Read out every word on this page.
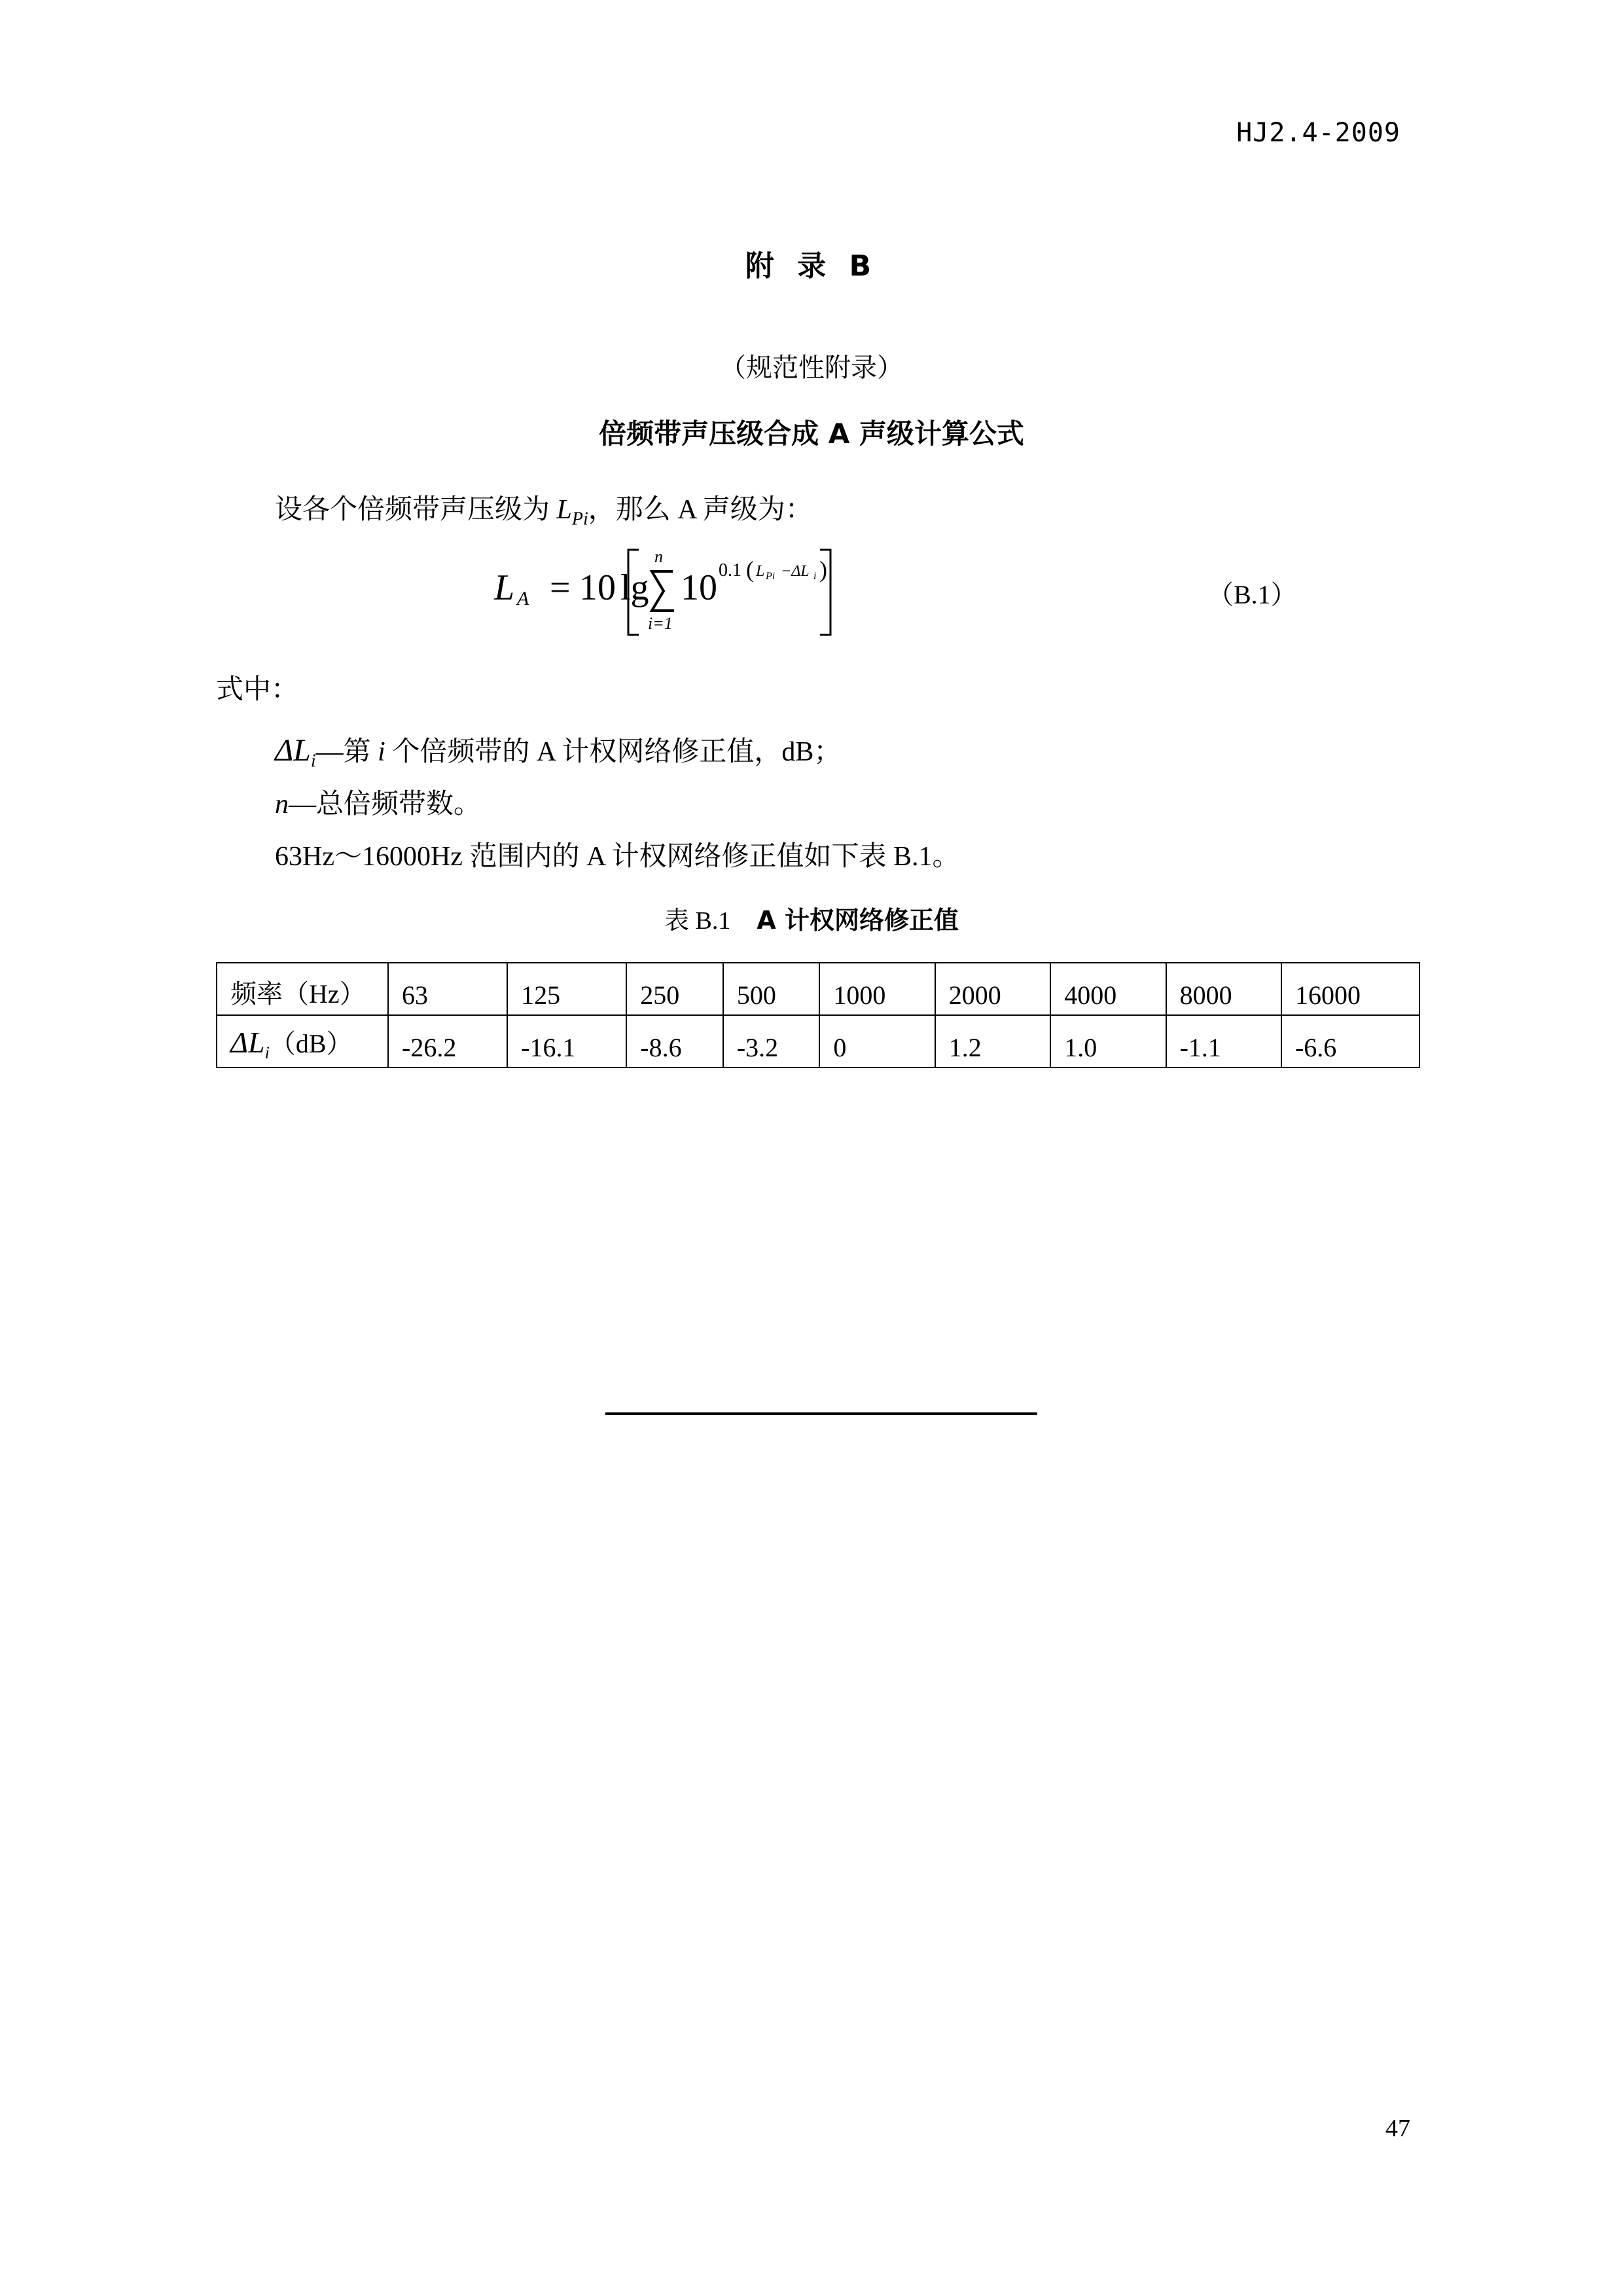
HJ2.4-2009
附 录 B
（规范性附录）
倍频带声压级合成 A 声级计算公式
设各个倍频带声压级为 $L_{Pi}$，那么 A 声级为：
L A = 10 lg
n
i=1
10 0.1 ( L Pi −ΔL i )
（B.1）
式中：
$\Delta L_i—$第 i 个倍频带的 A 计权网络修正值，dB；
n—总倍频带数。
63Hz～16000Hz 范围内的 A 计权网络修正值如下表 B.1。
表 B.1 A 计权网络修正值
频率（Hz）	63	125	250	500	1000	2000	4000	8000	16000
$\Delta L_i(dB)$	-26.2	-16.1	-8.6	-3.2	0	1.2	1.0	-1.1	-6.6
47
